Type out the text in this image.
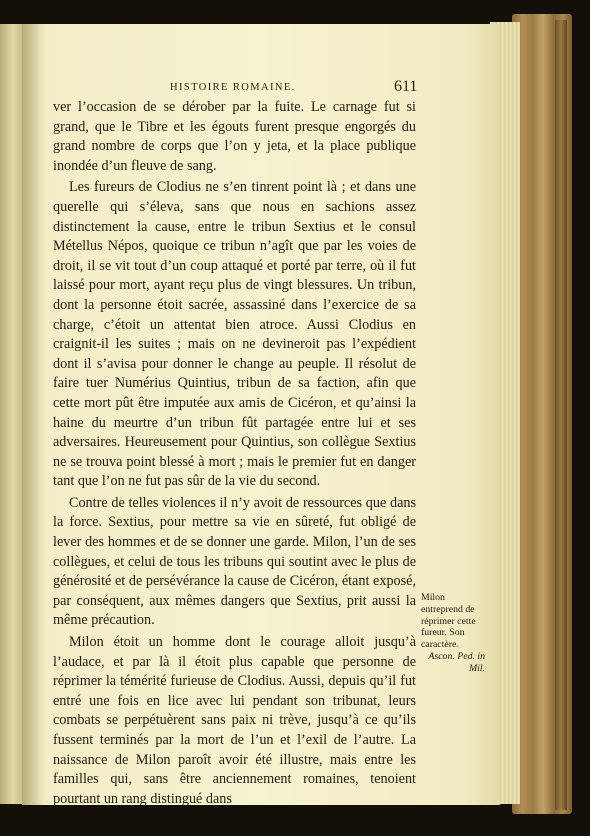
HISTOIRE ROMAINE.	611

ver l’occasion de se dérober par la fuite. Le carnage fut si grand, que le Tibre et les égouts furent presque engorgés du grand nombre de corps que l’on y jeta, et la place publique inondée d’un fleuve de sang.

Les fureurs de Clodius ne s’en tinrent point là ; et dans une querelle qui s’éleva, sans que nous en sachions assez distinctement la cause, entre le tribun Sextius et le consul Métellus Népos, quoique ce tribun n’agît que par les voies de droit, il se vit tout d’un coup attaqué et porté par terre, où il fut laissé pour mort, ayant reçu plus de vingt blessures. Un tribun, dont la personne étoit sacrée, assassiné dans l’exercice de sa charge, c’étoit un attentat bien atroce. Aussi Clodius en craignit-il les suites ; mais on ne devineroit pas l’expédient dont il s’avisa pour donner le change au peuple. Il résolut de faire tuer Numérius Quintius, tribun de sa faction, afin que cette mort pût être imputée aux amis de Cicéron, et qu’ainsi la haine du meurtre d’un tribun fût partagée entre lui et ses adversaires. Heureusement pour Quintius, son collègue Sextius ne se trouva point blessé à mort ; mais le premier fut en danger tant que l’on ne fut pas sûr de la vie du second.

Contre de telles violences il n’y avoit de ressources que dans la force. Sextius, pour mettre sa vie en sûreté, fut obligé de lever des hommes et de se donner une garde. Milon, l’un de ses collègues, et celui de tous les tribuns qui soutint avec le plus de générosité et de persévérance la cause de Cicéron, étant exposé, par conséquent, aux mêmes dangers que Sextius, prit aussi la même précaution.

Milon étoit un homme dont le courage alloit jusqu’à l’audace, et par là il étoit plus capable que personne de réprimer la témérité furieuse de Clodius. Aussi, depuis qu’il fut entré une fois en lice avec lui pendant son tribunat, leurs combats se perpétuèrent sans paix ni trève, jusqu’à ce qu’ils fussent terminés par la mort de l’un et l’exil de l’autre. La naissance de Milon paroît avoir été illustre, mais entre les familles qui, sans être anciennement romaines, tenoient pourtant un rang distingué dans

Milon entreprend de réprimer cette fureur. Son caractère.

Ascon. Ped. in Mil.
